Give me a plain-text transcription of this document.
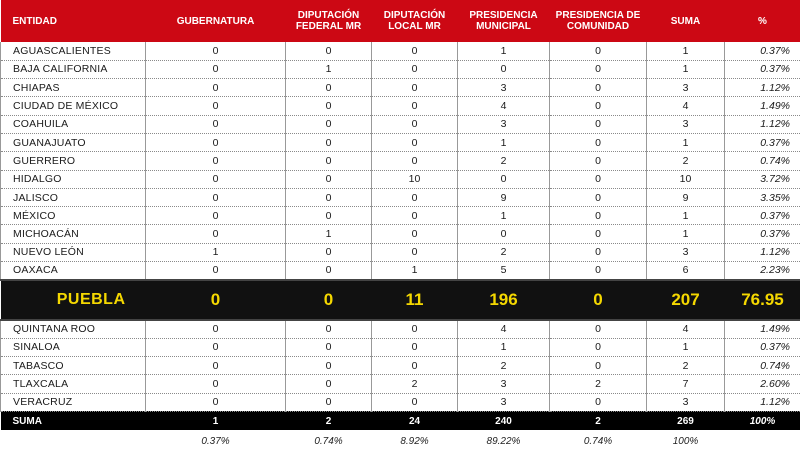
ENTIDAD	GUBERNATURA	DIPUTACIÓN FEDERAL MR	DIPUTACIÓN LOCAL MR	PRESIDENCIA MUNICIPAL	PRESIDENCIA DE COMUNIDAD	SUMA	%
AGUASCALIENTES	0	0	0	1	0	1	0.37%
BAJA CALIFORNIA	0	1	0	0	0	1	0.37%
CHIAPAS	0	0	0	3	0	3	1.12%
CIUDAD DE MÉXICO	0	0	0	4	0	4	1.49%
COAHUILA	0	0	0	3	0	3	1.12%
GUANAJUATO	0	0	0	1	0	1	0.37%
GUERRERO	0	0	0	2	0	2	0.74%
HIDALGO	0	0	10	0	0	10	3.72%
JALISCO	0	0	0	9	0	9	3.35%
MÉXICO	0	0	0	1	0	1	0.37%
MICHOACÁN	0	1	0	0	0	1	0.37%
NUEVO LEÓN	1	0	0	2	0	3	1.12%
OAXACA	0	0	1	5	0	6	2.23%
PUEBLA	0	0	11	196	0	207	76.95
QUINTANA ROO	0	0	0	4	0	4	1.49%
SINALOA	0	0	0	1	0	1	0.37%
TABASCO	0	0	0	2	0	2	0.74%
TLAXCALA	0	0	2	3	2	7	2.60%
VERACRUZ	0	0	0	3	0	3	1.12%
SUMA	1	2	24	240	2	269	100%
	0.37%	0.74%	8.92%	89.22%	0.74%	100%	
